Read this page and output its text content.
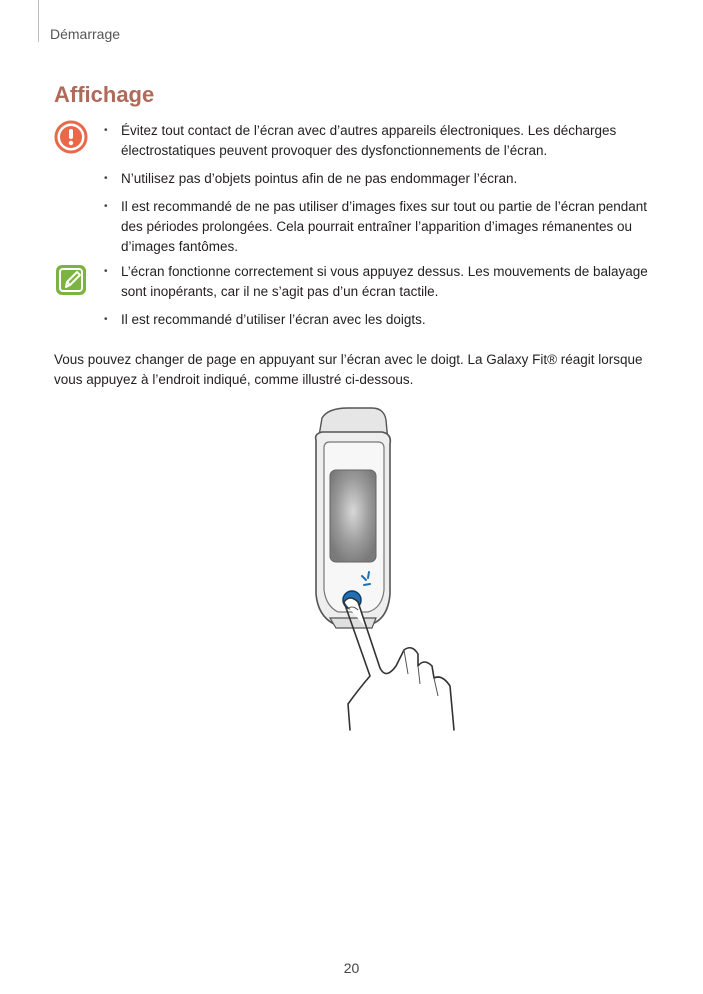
Démarrage
Affichage
• Évitez tout contact de l’écran avec d’autres appareils électroniques. Les décharges électrostatiques peuvent provoquer des dysfonctionnements de l’écran.
• N’utilisez pas d’objets pointus afin de ne pas endommager l’écran.
• Il est recommandé de ne pas utiliser d’images fixes sur tout ou partie de l’écran pendant des périodes prolongées. Cela pourrait entraîner l’apparition d’images rémanentes ou d’images fantômes.
• L’écran fonctionne correctement si vous appuyez dessus. Les mouvements de balayage sont inopérants, car il ne s’agit pas d’un écran tactile.
• Il est recommandé d’utiliser l’écran avec les doigts.

Vous pouvez changer de page en appuyant sur l’écran avec le doigt. La Galaxy Fit® réagit lorsque vous appuyez à l’endroit indiqué, comme illustré ci-dessous.

20
